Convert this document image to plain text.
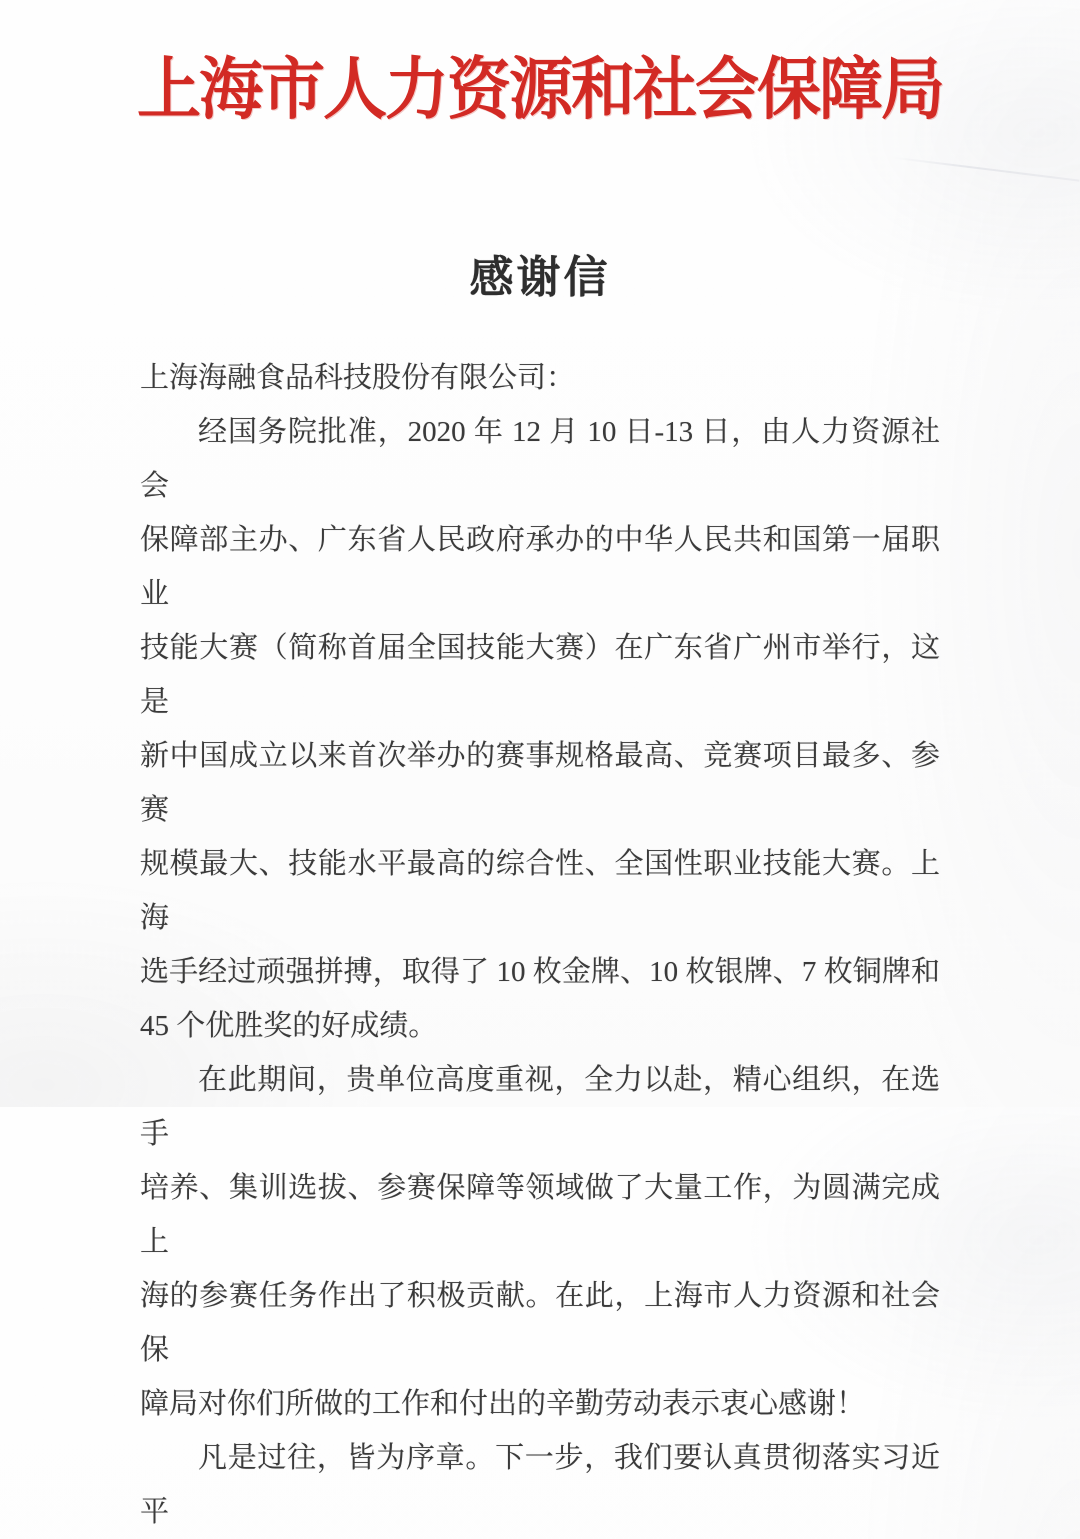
上海市人力资源和社会保障局
感谢信

上海海融食品科技股份有限公司：

经国务院批准，2020 年 12 月 10 日-13 日，由人力资源社会

保障部主办、广东省人民政府承办的中华人民共和国第一届职业

技能大赛（简称首届全国技能大赛）在广东省广州市举行，这是

新中国成立以来首次举办的赛事规格最高、竞赛项目最多、参赛

规模最大、技能水平最高的综合性、全国性职业技能大赛。上海

选手经过顽强拼搏，取得了 10 枚金牌、10 枚银牌、7 枚铜牌和

45 个优胜奖的好成绩。

在此期间，贵单位高度重视，全力以赴，精心组织，在选手

培养、集训选拔、参赛保障等领域做了大量工作，为圆满完成上

海的参赛任务作出了积极贡献。在此，上海市人力资源和社会保

障局对你们所做的工作和付出的辛勤劳动表示衷心感谢！

凡是过往，皆为序章。下一步，我们要认真贯彻落实习近平
